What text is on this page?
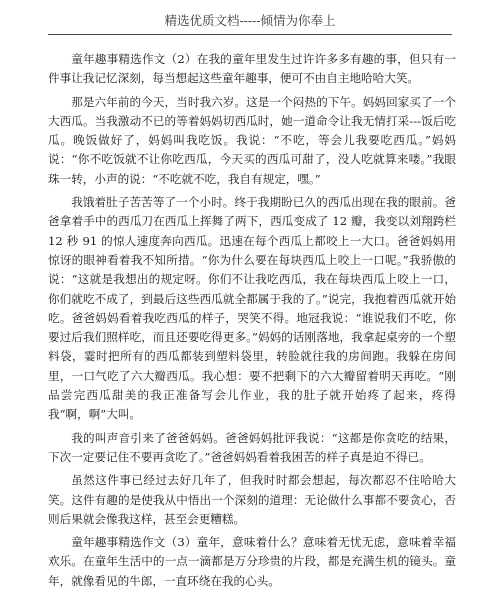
精选优质文档-----倾情为你奉上

童年趣事精选作文（2）在我的童年里发生过许许多多有趣的事，但只有一件事让我记忆深刻，每当想起这些童年趣事，便可不由自主地哈哈大笑。

那是六年前的今天，当时我六岁。这是一个闷热的下午。妈妈回家买了一个大西瓜。当我激动不已的等着妈妈切西瓜时，她一道命令让我无情打采---饭后吃瓜。晚饭做好了，妈妈叫我吃饭。我说：“不吃，等会儿我要吃西瓜。”妈妈说：“你不吃饭就不让你吃西瓜，今天买的西瓜可甜了，没人吃就算来喽。”我眼珠一转，小声的说：“不吃就不吃，我自有规定，嘿。”

我饿着肚子苦苦等了一个小时。终于我期盼已久的西瓜出现在我的眼前。爸爸拿着手中的西瓜刀在西瓜上挥舞了两下，西瓜变成了 12 瓣，我变以刘翔跨栏 12 秒 91 的惊人速度奔向西瓜。迅速在每个西瓜上都咬上一大口。爸爸妈妈用惊讶的眼神看着我不知所措。“你为什么要在每块西瓜上咬上一口呢。”我骄傲的说：“这就是我想出的规定呀。你们不让我吃西瓜，我在每块西瓜上咬上一口，你们就吃不成了，到最后这些西瓜就全都属于我的了。”说完，我抱着西瓜就开始吃。爸爸妈妈看着我吃西瓜的样子，哭笑不得。地冠我说：“谁说我们不吃，你要过后我们照样吃，而且还要吃得更多。”妈妈的话刚落地，我拿起桌旁的一个塑料袋，霎时把所有的西瓜都装到塑料袋里，转脸就往我的房间跑。我躲在房间里，一口气吃了六大瓣西瓜。我心想：要不把剩下的六大瓣留着明天再吃。“刚品尝完西瓜甜美的我正准备写会儿作业，我的肚子就开始疼了起来，疼得我“啊，啊”大叫。

我的叫声音引来了爸爸妈妈。爸爸妈妈批评我说：“这都是你贪吃的结果，下次一定要记住不要再贪吃了。”爸爸妈妈看着我困苦的样子真是迫不得已。

虽然这件事已经过去好几年了，但我时时都会想起，每次都忍不住哈哈大笑。这件有趣的是使我从中悟出一个深刻的道理：无论做什么事都不要贪心，否则后果就会像我这样，甚至会更糟糕。

童年趣事精选作文（3）童年，意味着什么？意味着无忧无虑，意味着幸福欢乐。在童年生活中的一点一滴都是万分珍贵的片段，都是充满生机的镜头。童年，就像看见的牛郎，一直环绕在我的心头。
